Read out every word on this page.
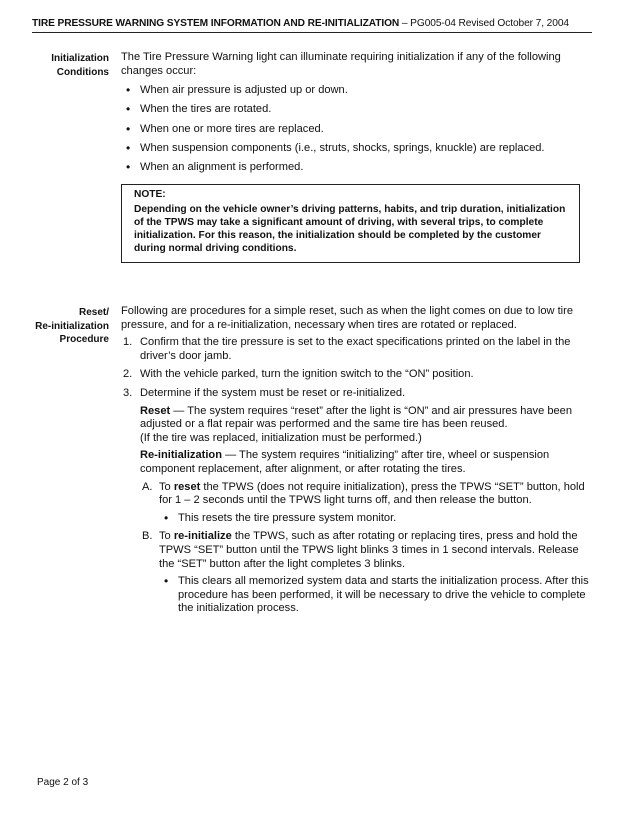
TIRE PRESSURE WARNING SYSTEM INFORMATION AND RE-INITIALIZATION – PG005-04 Revised October 7, 2004
Initialization
Conditions

The Tire Pressure Warning light can illuminate requiring initialization if any of the following changes occur:

• When air pressure is adjusted up or down.
• When the tires are rotated.
• When one or more tires are replaced.
• When suspension components (i.e., struts, shocks, springs, knuckle) are replaced.
• When an alignment is performed.
NOTE:
Depending on the vehicle owner’s driving patterns, habits, and trip duration, initialization of the TPWS may take a significant amount of driving, with several trips, to complete initialization. For this reason, the initialization should be completed by the customer during normal driving conditions.
Reset/
Re-initialization
Procedure

Following are procedures for a simple reset, such as when the light comes on due to low tire pressure, and for a re-initialization, necessary when tires are rotated or replaced.

1. Confirm that the tire pressure is set to the exact specifications printed on the label in the driver’s door jamb.

2. With the vehicle parked, turn the ignition switch to the “ON” position.

3. Determine if the system must be reset or re-initialized.

Reset — The system requires “reset” after the light is “ON” and air pressures have been adjusted or a flat repair was performed and the same tire has been reused.
(If the tire was replaced, initialization must be performed.)

Re-initialization — The system requires “initializing” after tire, wheel or suspension component replacement, after alignment, or after rotating the tires.

A. To reset the TPWS (does not require initialization), press the TPWS “SET” button, hold for 1 – 2 seconds until the TPWS light turns off, and then release the button.
• This resets the tire pressure system monitor.
B. To re-initialize the TPWS, such as after rotating or replacing tires, press and hold the TPWS “SET” button until the TPWS light blinks 3 times in 1 second intervals. Release the “SET” button after the light completes 3 blinks.
• This clears all memorized system data and starts the initialization process. After this procedure has been performed, it will be necessary to drive the vehicle to complete the initialization process.
Page 2 of 3
